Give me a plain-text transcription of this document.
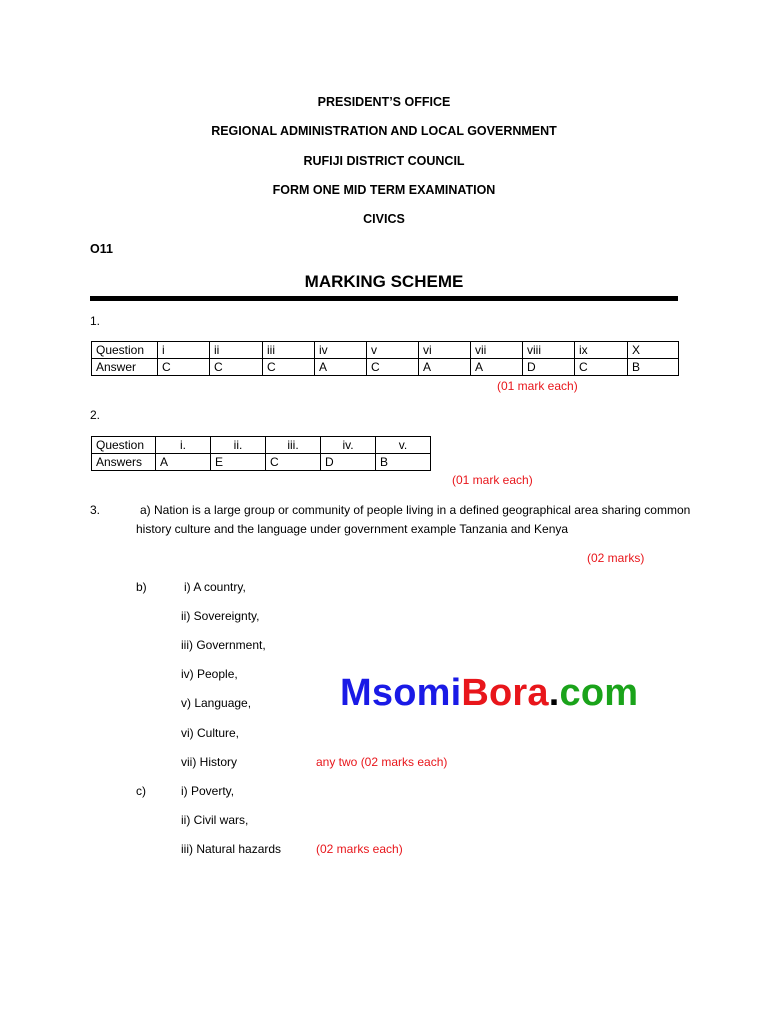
PRESIDENT’S OFFICE
REGIONAL ADMINISTRATION AND LOCAL GOVERNMENT
RUFIJI DISTRICT COUNCIL
FORM ONE MID TERM EXAMINATION
CIVICS
O11
MARKING SCHEME
1.
Question	i	ii	iii	iv	v	vi	vii	viii	ix	X
Answer	C	C	C	A	C	A	A	D	C	B
(01 mark each)
2.
Question	i.	ii.	iii.	iv.	v.
Answers	A	E	C	D	B
(01 mark each)
3.	a) Nation is a large group or community of people living in a defined geographical area sharing common history culture and the language under government example Tanzania and Kenya
(02 marks)
b)	i) A country,
ii) Sovereignty,
iii) Government,
iv) People,
v) Language,
vi) Culture,
vii) History	any two (02 marks each)
c)	i) Poverty,
ii) Civil wars,
iii) Natural hazards	(02 marks each)
MsomiBora.com
